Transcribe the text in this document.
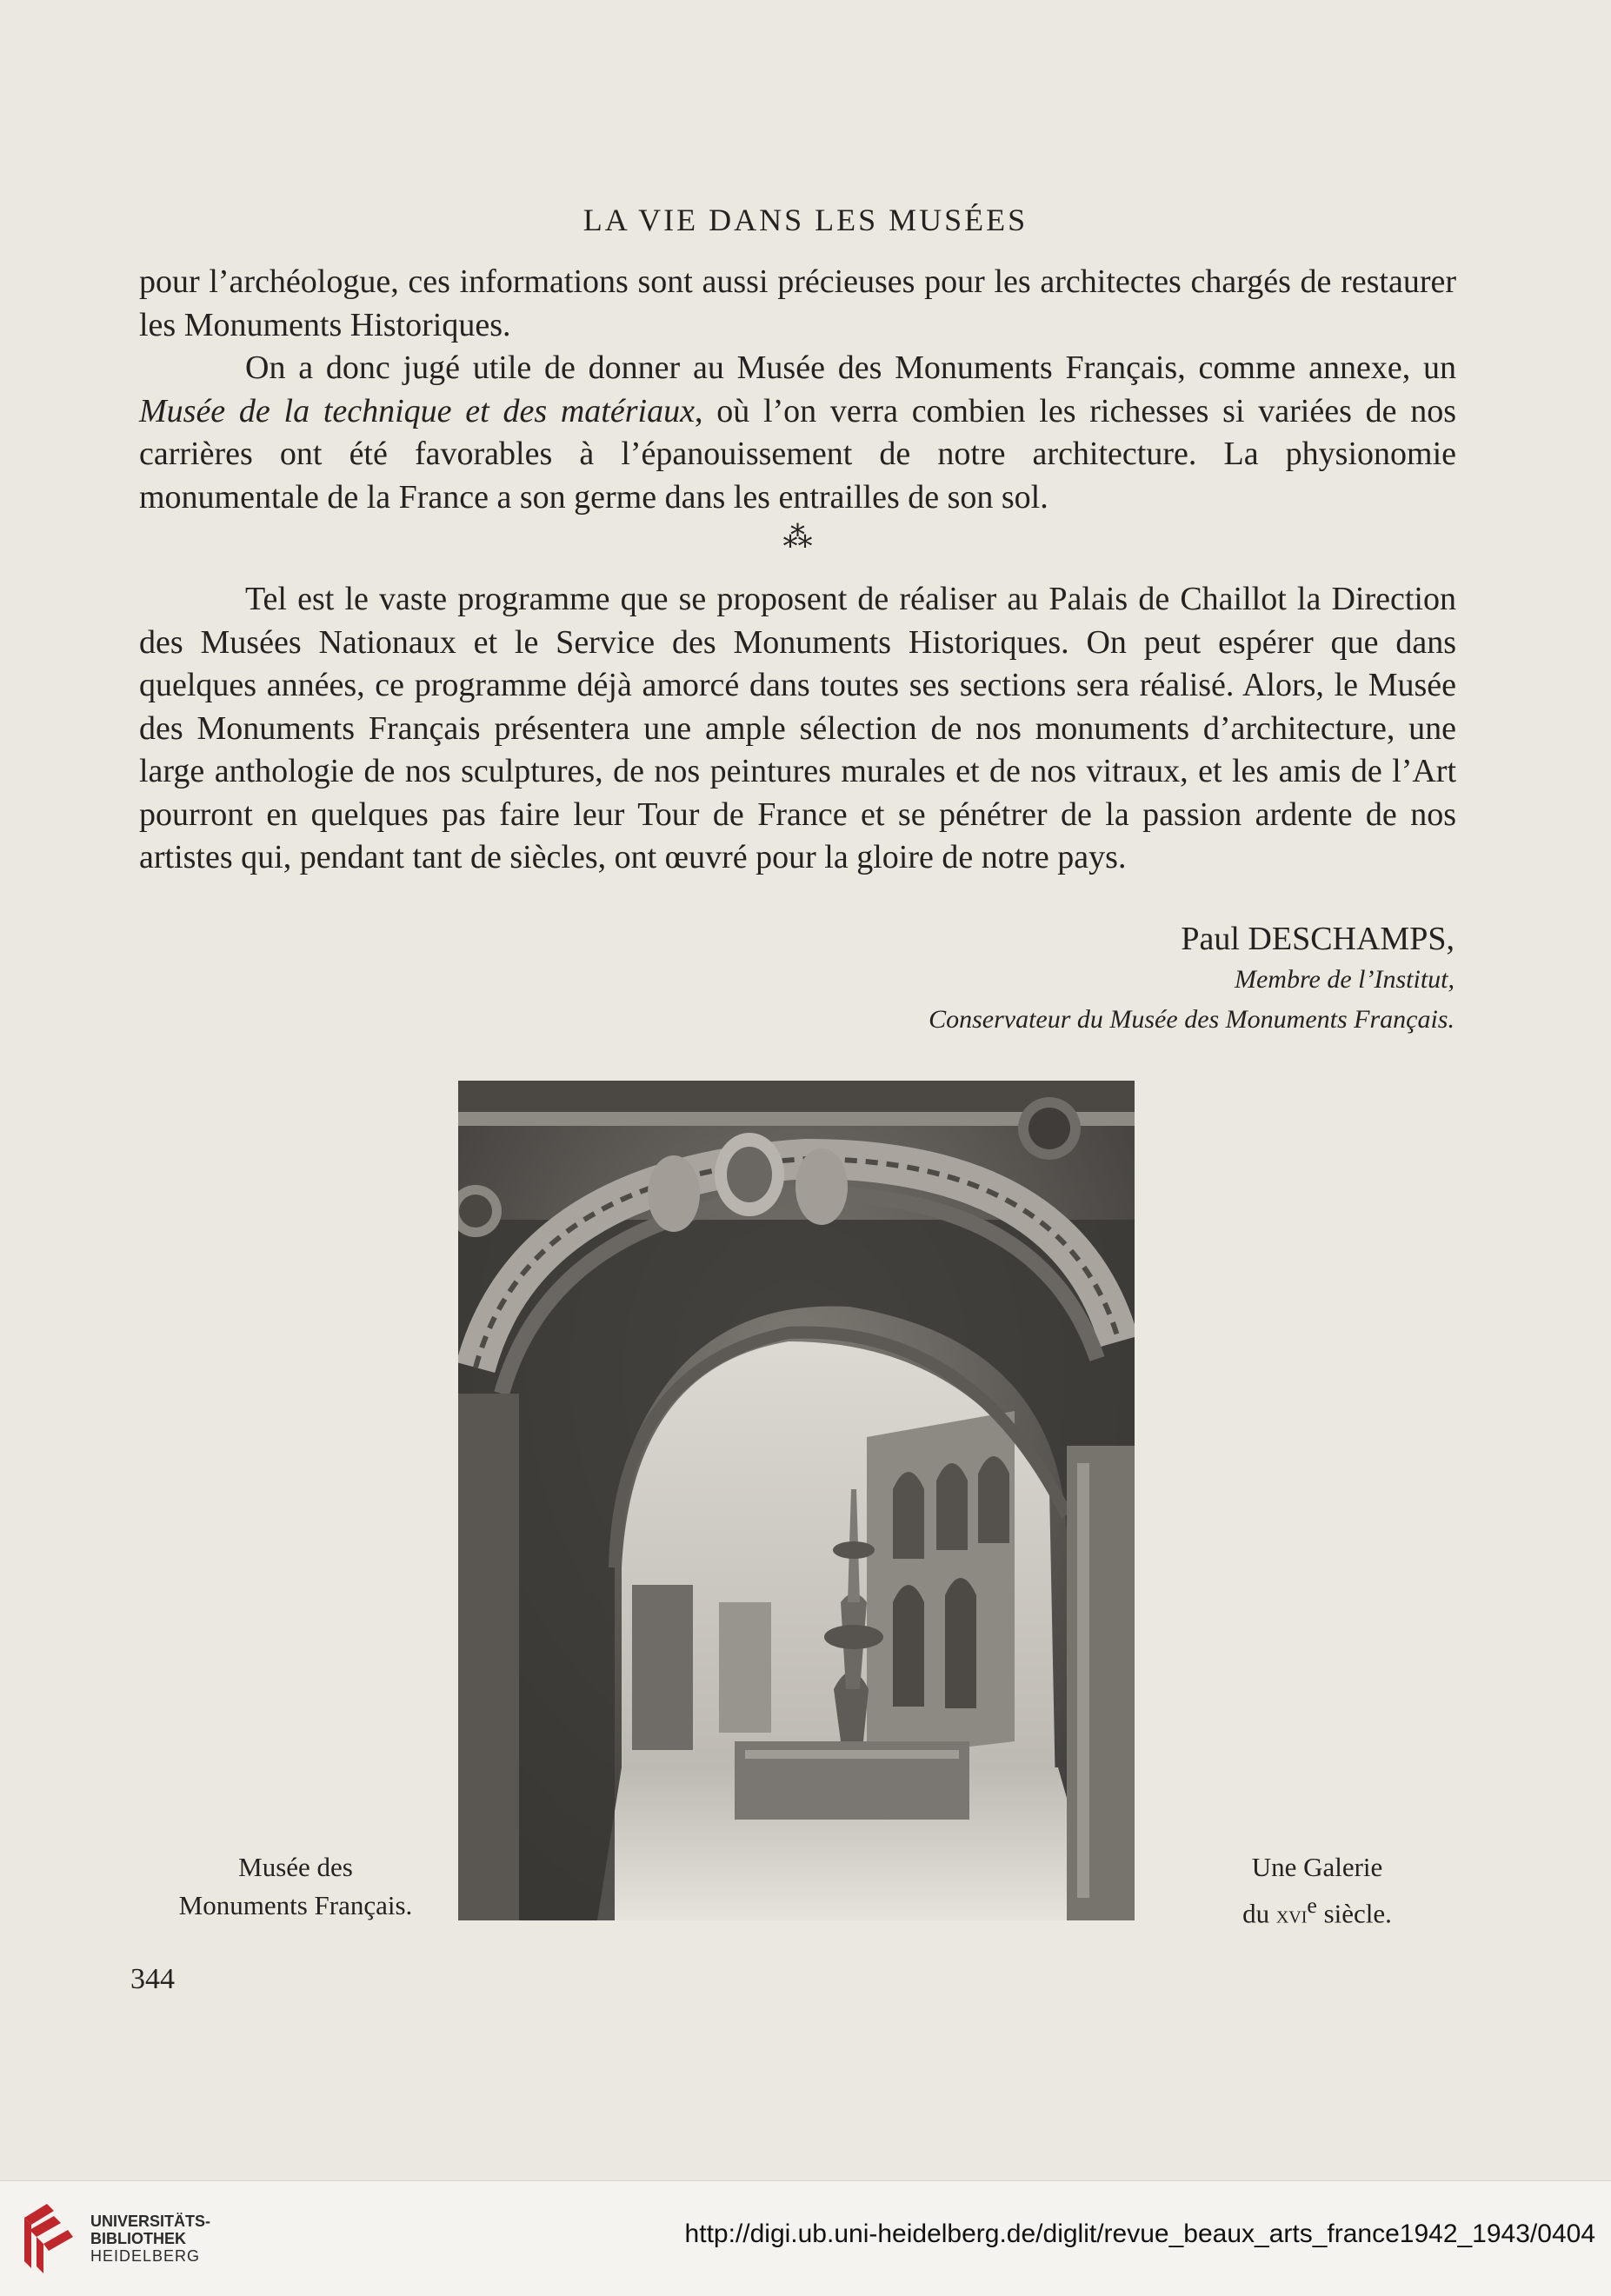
LA VIE DANS LES MUSÉES

pour l’archéologue, ces informations sont aussi précieuses pour les architectes chargés de restaurer les Monuments Historiques.

On a donc jugé utile de donner au Musée des Monuments Français, comme annexe, un Musée de la technique et des matériaux, où l’on verra combien les richesses si variées de nos carrières ont été favorables à l’épanouissement de notre architecture. La physionomie monumentale de la France a son germe dans les entrailles de son sol.

⁂

Tel est le vaste programme que se proposent de réaliser au Palais de Chaillot la Direction des Musées Nationaux et le Service des Monuments Historiques. On peut espérer que dans quelques années, ce programme déjà amorcé dans toutes ses sections sera réalisé. Alors, le Musée des Monuments Français présentera une ample sélection de nos monuments d’architecture, une large anthologie de nos sculptures, de nos peintures murales et de nos vitraux, et les amis de l’Art pourront en quelques pas faire leur Tour de France et se pénétrer de la passion ardente de nos artistes qui, pendant tant de siècles, ont œuvré pour la gloire de notre pays.

Paul DESCHAMPS,
Membre de l’Institut,
Conservateur du Musée des Monuments Français.
Musée des
Monuments Français.
Une Galerie
du xvi$^e$ siècle.
344
UNIVERSITÄTS-
BIBLIOTHEK
HEIDELBERG
http://digi.ub.uni-heidelberg.de/diglit/revue_beaux_arts_france1942_1943/0404
